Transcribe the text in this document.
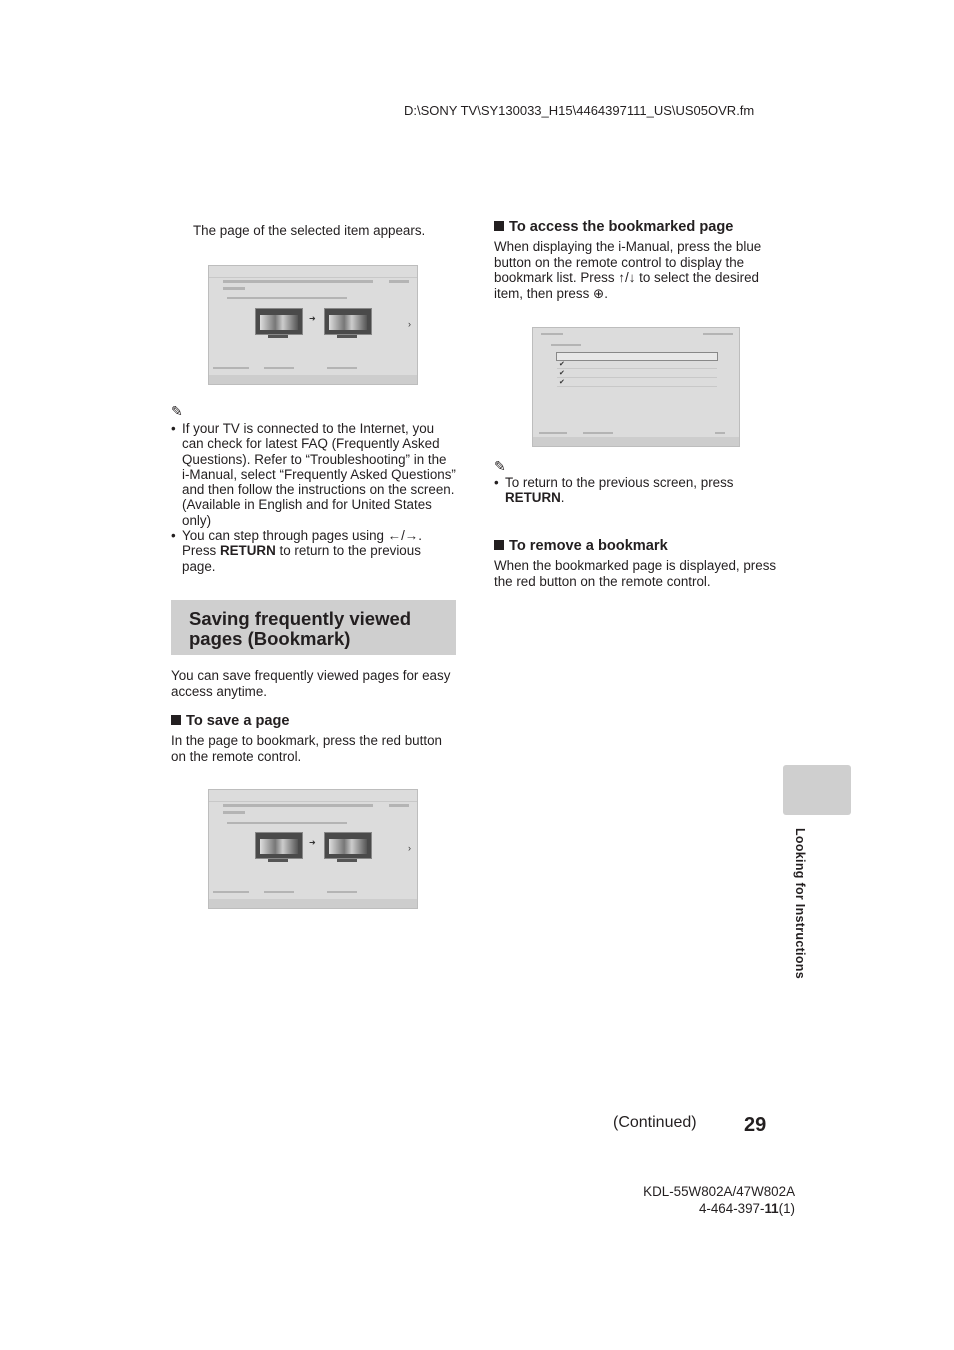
D:\SONY TV\SY130033_H15\4464397111_US\US05OVR.fm
The page of the selected item appears.
➜
›
✎
• If your TV is connected to the Internet, you can check for latest FAQ (Frequently Asked Questions). Refer to “Troubleshooting” in the i-Manual, select “Frequently Asked Questions” and then follow the instructions on the screen. (Available in English and for United States only)
• You can step through pages using ←/→. Press RETURN to return to the previous page.
Saving frequently viewed pages (Bookmark)
You can save frequently viewed pages for easy access anytime.
To save a page
In the page to bookmark, press the red button on the remote control.
➜
›
To access the bookmarked page
When displaying the i-Manual, press the blue button on the remote control to display the bookmark list. Press ↑/↓ to select the desired item, then press ⊕.
✔
✔
✔
✎
• To return to the previous screen, press RETURN.
To remove a bookmark
When the bookmarked page is displayed, press the red button on the remote control.
Looking for Instructions
(Continued) 29
KDL-55W802A/47W802A
4-464-397-11(1)
